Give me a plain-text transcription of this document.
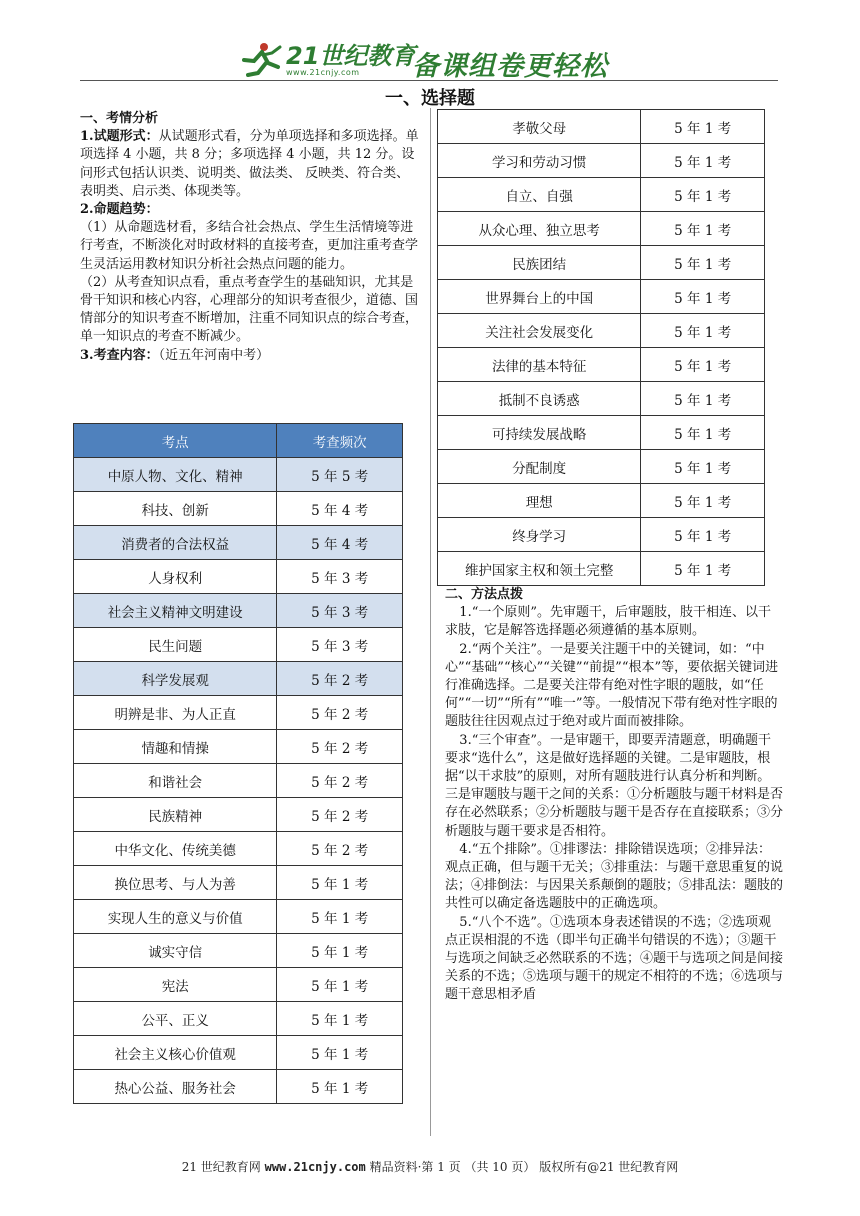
21世纪教育
www.21cnjy.com	备课组卷更轻松
一、选择题

一、考情分析

1.试题形式：从试题形式看，分为单项选择和多项选择。单项选择 4 小题，共 8 分；多项选择 4 小题，共 12 分。设问形式包括认识类、说明类、做法类、 反映类、符合类、表明类、启示类、体现类等。

2.命题趋势：

（1）从命题选材看，多结合社会热点、学生生活情境等进行考查，不断淡化对时政材料的直接考查，更加注重考查学生灵活运用教材知识分析社会热点问题的能力。

（2）从考查知识点看，重点考查学生的基础知识，尤其是骨干知识和核心内容，心理部分的知识考查很少，道德、国情部分的知识考查不断增加，注重不同知识点的综合考查，单一知识点的考查不断减少。

3.考查内容：（近五年河南中考）

考点	考查频次
中原人物、文化、精神	5 年 5 考
科技、创新	5 年 4 考
消费者的合法权益	5 年 4 考
人身权利	5 年 3 考
社会主义精神文明建设	5 年 3 考
民生问题	5 年 3 考
科学发展观	5 年 2 考
明辨是非、为人正直	5 年 2 考
情趣和情操	5 年 2 考
和谐社会	5 年 2 考
民族精神	5 年 2 考
中华文化、传统美德	5 年 2 考
换位思考、与人为善	5 年 1 考
实现人生的意义与价值	5 年 1 考
诚实守信	5 年 1 考
宪法	5 年 1 考
公平、正义	5 年 1 考
社会主义核心价值观	5 年 1 考
热心公益、服务社会	5 年 1 考
孝敬父母	5 年 1 考
学习和劳动习惯	5 年 1 考
自立、自强	5 年 1 考
从众心理、独立思考	5 年 1 考
民族团结	5 年 1 考
世界舞台上的中国	5 年 1 考
关注社会发展变化	5 年 1 考
法律的基本特征	5 年 1 考
抵制不良诱惑	5 年 1 考
可持续发展战略	5 年 1 考
分配制度	5 年 1 考
理想	5 年 1 考
终身学习	5 年 1 考
维护国家主权和领土完整	5 年 1 考

二、方法点拨

1.“一个原则”。先审题干，后审题肢，肢干相连、以干求肢，它是解答选择题必须遵循的基本原则。

2.“两个关注”。一是要关注题干中的关键词，如：“中心”“基础”“核心”“关键”“前提”“根本”等，要依据关键词进行准确选择。二是要关注带有绝对性字眼的题肢，如“任何”“一切”“所有”“唯一”等。一般情况下带有绝对性字眼的题肢往往因观点过于绝对或片面而被排除。

3.“三个审查”。一是审题干，即要弄清题意，明确题干要求“选什么”，这是做好选择题的关键。二是审题肢，根据“以干求肢”的原则，对所有题肢进行认真分析和判断。三是审题肢与题干之间的关系：①分析题肢与题干材料是否存在必然联系；②分析题肢与题干是否存在直接联系；③分析题肢与题干要求是否相符。

4.“五个排除”。①排谬法：排除错误选项；②排异法：观点正确，但与题干无关；③排重法：与题干意思重复的说法；④排倒法：与因果关系颠倒的题肢；⑤排乱法：题肢的共性可以确定备选题肢中的正确选项。

5.“八个不选”。①选项本身表述错误的不选；②选项观点正误相混的不选（即半句正确半句错误的不选）；③题干与选项之间缺乏必然联系的不选；④题干与选项之间是间接关系的不选；⑤选项与题干的规定不相符的不选；⑥选项与题干意思相矛盾

21 世纪教育网 www.21cnjy.com 精品资料·第 1 页 （共 10 页） 版权所有@21 世纪教育网
